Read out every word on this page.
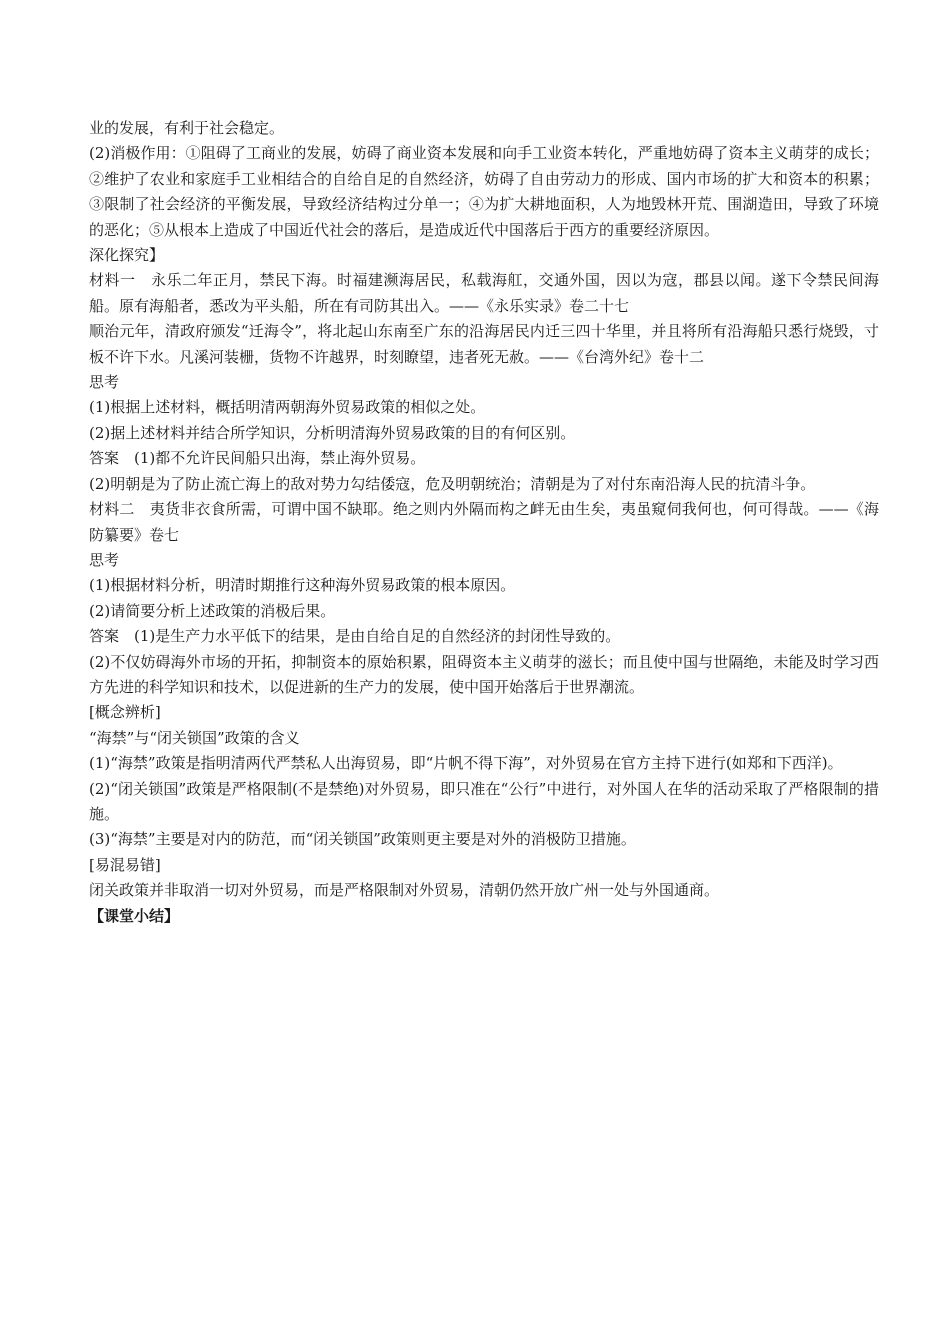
业的发展，有利于社会稳定。

(2)消极作用：①阻碍了工商业的发展，妨碍了商业资本发展和向手工业资本转化，严重地妨碍了资本主义萌芽的成长；②维护了农业和家庭手工业相结合的自给自足的自然经济，妨碍了自由劳动力的形成、国内市场的扩大和资本的积累；③限制了社会经济的平衡发展，导致经济结构过分单一；④为扩大耕地面积，人为地毁林开荒、围湖造田，导致了环境的恶化；⑤从根本上造成了中国近代社会的落后，是造成近代中国落后于西方的重要经济原因。

深化探究】

材料一　永乐二年正月，禁民下海。时福建濒海居民，私载海舡，交通外国，因以为寇，郡县以闻。遂下令禁民间海船。原有海船者，悉改为平头船，所在有司防其出入。——《永乐实录》卷二十七

顺治元年，清政府颁发“迁海令”，将北起山东南至广东的沿海居民内迁三四十华里，并且将所有沿海船只悉行烧毁，寸板不许下水。凡溪河装栅，货物不许越界，时刻瞭望，违者死无赦。——《台湾外纪》卷十二

思考

(1)根据上述材料，概括明清两朝海外贸易政策的相似之处。

(2)据上述材料并结合所学知识，分析明清海外贸易政策的目的有何区别。

答案　(1)都不允许民间船只出海，禁止海外贸易。

(2)明朝是为了防止流亡海上的敌对势力勾结倭寇，危及明朝统治；清朝是为了对付东南沿海人民的抗清斗争。

材料二　夷货非衣食所需，可谓中国不缺耶。绝之则内外隔而构之衅无由生矣，夷虽窥伺我何也，何可得哉。——《海防纂要》卷七

思考

(1)根据材料分析，明清时期推行这种海外贸易政策的根本原因。

(2)请简要分析上述政策的消极后果。

答案　(1)是生产力水平低下的结果，是由自给自足的自然经济的封闭性导致的。

(2)不仅妨碍海外市场的开拓，抑制资本的原始积累，阻碍资本主义萌芽的滋长；而且使中国与世隔绝，未能及时学习西方先进的科学知识和技术，以促进新的生产力的发展，使中国开始落后于世界潮流。

[概念辨析]

“海禁”与“闭关锁国”政策的含义

(1)“海禁”政策是指明清两代严禁私人出海贸易，即“片帆不得下海”，对外贸易在官方主持下进行(如郑和下西洋)。

(2)“闭关锁国”政策是严格限制(不是禁绝)对外贸易，即只准在“公行”中进行，对外国人在华的活动采取了严格限制的措施。

(3)“海禁”主要是对内的防范，而“闭关锁国”政策则更主要是对外的消极防卫措施。

[易混易错]

闭关政策并非取消一切对外贸易，而是严格限制对外贸易，清朝仍然开放广州一处与外国通商。

【课堂小结】
